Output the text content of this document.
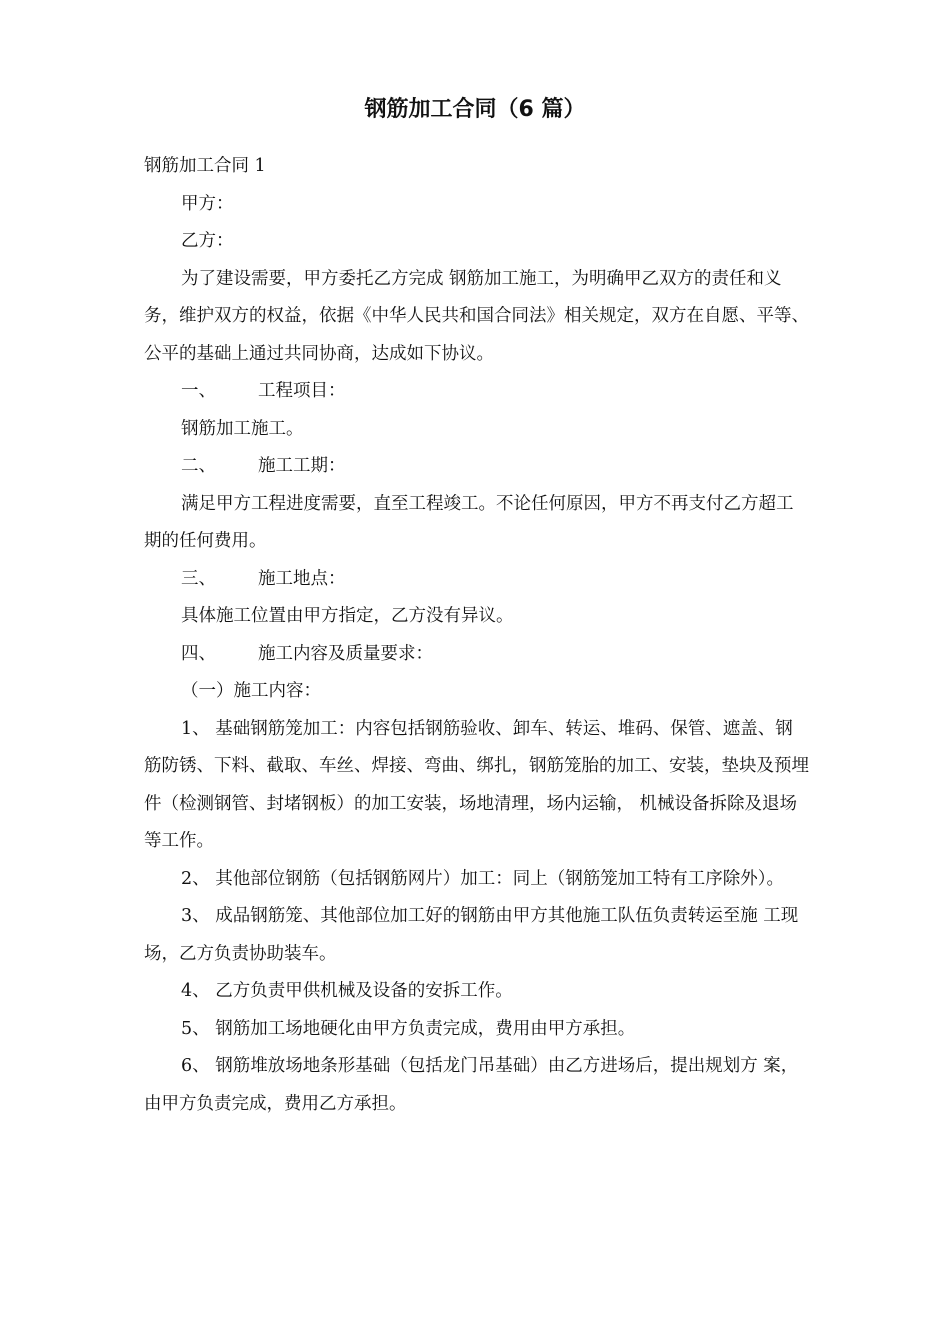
钢筋加工合同（6 篇）

钢筋加工合同 1

甲方：

乙方：

为了建设需要，甲方委托乙方完成 钢筋加工施工，为明确甲乙双方的责任和义务，维护双方的权益，依据《中华人民共和国合同法》相关规定，双方在自愿、平等、公平的基础上通过共同协商，达成如下协议。

一、 工程项目：

钢筋加工施工。

二、 施工工期：

满足甲方工程进度需要，直至工程竣工。不论任何原因，甲方不再支付乙方超工期的任何费用。

三、 施工地点：

具体施工位置由甲方指定，乙方没有异议。

四、 施工内容及质量要求：

（一）施工内容：

1、 基础钢筋笼加工：内容包括钢筋验收、卸车、转运、堆码、保管、遮盖、钢筋防锈、下料、截取、车丝、焊接、弯曲、绑扎，钢筋笼胎的加工、安装，垫块及预埋件（检测钢管、封堵钢板）的加工安装，场地清理，场内运输， 机械设备拆除及退场等工作。

2、 其他部位钢筋（包括钢筋网片）加工：同上（钢筋笼加工特有工序除外）。

3、 成品钢筋笼、其他部位加工好的钢筋由甲方其他施工队伍负责转运至施 工现场，乙方负责协助装车。

4、 乙方负责甲供机械及设备的安拆工作。

5、 钢筋加工场地硬化由甲方负责完成，费用由甲方承担。

6、 钢筋堆放场地条形基础（包括龙门吊基础）由乙方进场后，提出规划方 案，由甲方负责完成，费用乙方承担。
